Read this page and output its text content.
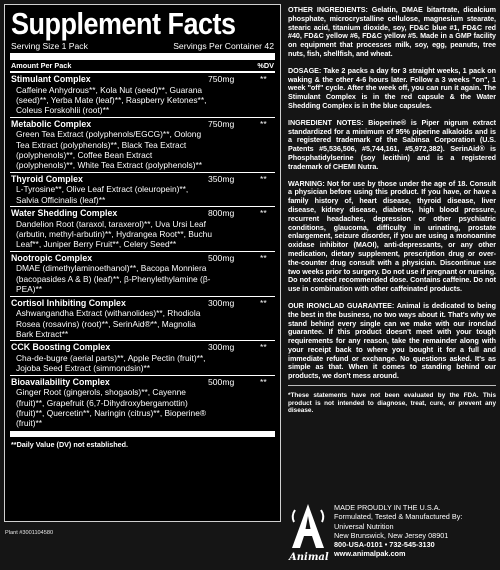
Supplement Facts
Serving Size 1 Pack	Servings Per Container 42
Amount Per Pack	%DV
Stimulant Complex	750mg	**
Caffeine Anhydrous**, Kola Nut (seed)**, Guarana (seed)**, Yerba Mate (leaf)**, Raspberry Ketones**, Coleus Forskohlii (root)**
Metabolic Complex	750mg	**
Green Tea Extract (polyphenols/EGCG)**, Oolong Tea Extract (polyphenols)**, Black Tea Extract (polyphenols)**, Coffee Bean Extract (polyphenols)**, White Tea Extract (polyphenols)**
Thyroid Complex	350mg	**
L-Tyrosine**, Olive Leaf Extract (oleuropein)**, Salvia Officinalis (leaf)**
Water Shedding Complex	800mg	**
Dandelion Root (taraxol, taraxerol)**, Uva Ursi Leaf (arbutin, methyl-arbutin)**, Hydrangea Root**, Buchu Leaf**, Juniper Berry Fruit**, Celery Seed**
Nootropic Complex	500mg	**
DMAE (dimethylaminoethanol)**, Bacopa Monniera (bacopasides A & B) (leaf)**, β-Phenylethylamine (β-PEA)**
Cortisol Inhibiting Complex	300mg	**
Ashwangandha Extract (withanolides)**, Rhodiola Rosea (rosavins) (root)**, SerinAid®**, Magnolia Bark Extract**
CCK Boosting Complex	300mg	**
Cha-de-bugre (aerial parts)**, Apple Pectin (fruit)**, Jojoba Seed Extract (simmondsin)**
Bioavailability Complex	500mg	**
Ginger Root (gingerols, shogaols)**, Cayenne (fruit)**, Grapefruit (6,7-Dihydroxybergamottin) (fruit)**, Quercetin**, Naringin (citrus)**, Bioperine® (fruit)**
**Daily Value (DV) not established.
Plant #3001104580

OTHER INGREDIENTS: Gelatin, DMAE bitartrate, dicalcium phosphate, microcrystalline cellulose, magnesium stearate, stearic acid, titanium dioxide, soy, FD&C blue #1, FD&C red #40, FD&C yellow #6, FD&C yellow #5. Made in a GMP facility on equipment that processes milk, soy, egg, peanuts, tree nuts, fish, shellfish, and wheat.

DOSAGE: Take 2 packs a day for 3 straight weeks, 1 pack on waking & the other 4-6 hours later. Follow a 3 weeks "on", 1 week "off" cycle. After the week off, you can run it again. The Stimulant Complex is in the red capsule & the Water Shedding Complex is in the blue capsules.

INGREDIENT NOTES: Bioperine® is Piper nigrum extract standardized for a minimum of 95% piperine alkaloids and is a registered trademark of the Sabinsa Corporation (U.S. Patents #5,536,506, #5,744,161, #5,972,382). SerinAid® is Phosphatidylserine (soy lecithin) and is a registered trademark of CHEMI Nutra.

WARNING: Not for use by those under the age of 18. Consult a physician before using this product. If you have, or have a family history of, heart disease, thyroid disease, liver disease, kidney disease, diabetes, high blood pressure, recurrent headaches, depression or other psychiatric conditions, glaucoma, difficulty in urinating, prostate enlargement, seizure disorder, if you are using a monoamine oxidase inhibitor (MAOI), anti-depressants, or any other medication, dietary supplement, prescription drug or over-the-counter drug consult with a physician. Discontinue use two weeks prior to surgery. Do not use if pregnant or nursing. Do not exceed recommended dose. Contains caffeine. Do not use in combination with other caffeinated products.

OUR IRONCLAD GUARANTEE: Animal is dedicated to being the best in the business, no two ways about it. That's why we stand behind every single can we make with our ironclad guarantee. If this product doesn't meet with your tough requirements for any reason, take the remainder along with your receipt back to where you bought it for a full and immediate refund or exchange. No questions asked. It's as simple as that. When it comes to standing behind our products, we don't mess around.

*These statements have not been evaluated by the FDA. This product is not intended to diagnose, treat, cure, or prevent any disease.

Animal
MADE PROUDLY IN THE U.S.A.
Formulated, Tested & Manufactured By:
Universal Nutrition
New Brunswick, New Jersey 08901
800-USA-0101 • 732-545-3130
www.animalpak.com
